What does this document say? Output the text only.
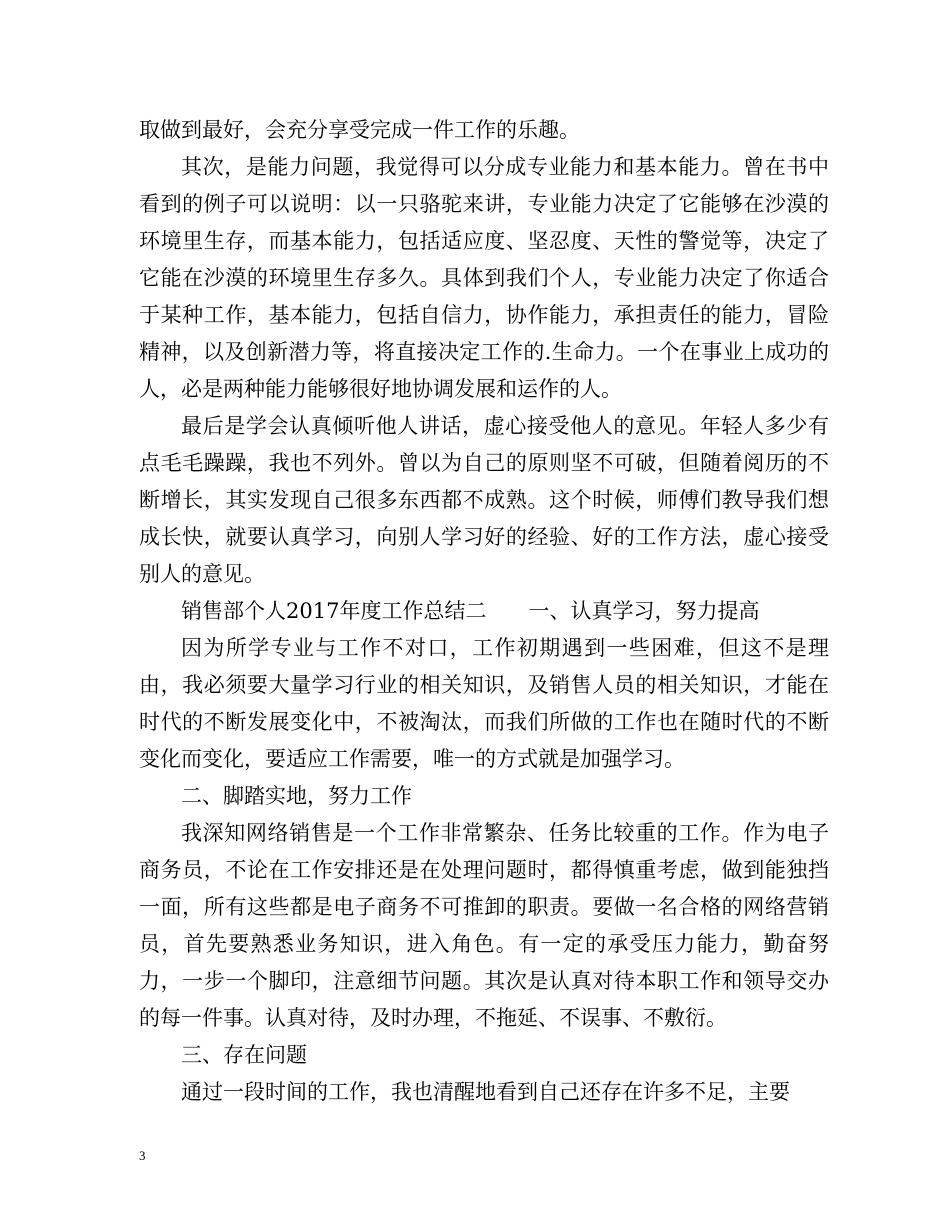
取做到最好，会充分享受完成一件工作的乐趣。

其次，是能力问题，我觉得可以分成专业能力和基本能力。曾在书中看到的例子可以说明：以一只骆驼来讲，专业能力决定了它能够在沙漠的环境里生存，而基本能力，包括适应度、坚忍度、天性的警觉等，决定了它能在沙漠的环境里生存多久。具体到我们个人，专业能力决定了你适合于某种工作，基本能力，包括自信力，协作能力，承担责任的能力，冒险精神，以及创新潜力等，将直接决定工作的.生命力。一个在事业上成功的人，必是两种能力能够很好地协调发展和运作的人。

最后是学会认真倾听他人讲话，虚心接受他人的意见。年轻人多少有点毛毛躁躁，我也不列外。曾以为自己的原则坚不可破，但随着阅历的不断增长，其实发现自己很多东西都不成熟。这个时候，师傅们教导我们想成长快，就要认真学习，向别人学习好的经验、好的工作方法，虚心接受别人的意见。

销售部个人2017年度工作总结二　　一、认真学习，努力提高

因为所学专业与工作不对口，工作初期遇到一些困难，但这不是理由，我必须要大量学习行业的相关知识，及销售人员的相关知识，才能在时代的不断发展变化中，不被淘汰，而我们所做的工作也在随时代的不断变化而变化，要适应工作需要，唯一的方式就是加强学习。

二、脚踏实地，努力工作

我深知网络销售是一个工作非常繁杂、任务比较重的工作。作为电子商务员，不论在工作安排还是在处理问题时，都得慎重考虑，做到能独挡一面，所有这些都是电子商务不可推卸的职责。要做一名合格的网络营销员，首先要熟悉业务知识，进入角色。有一定的承受压力能力，勤奋努力，一步一个脚印，注意细节问题。其次是认真对待本职工作和领导交办的每一件事。认真对待，及时办理，不拖延、不误事、不敷衍。

三、存在问题

通过一段时间的工作，我也清醒地看到自己还存在许多不足，主要

3
